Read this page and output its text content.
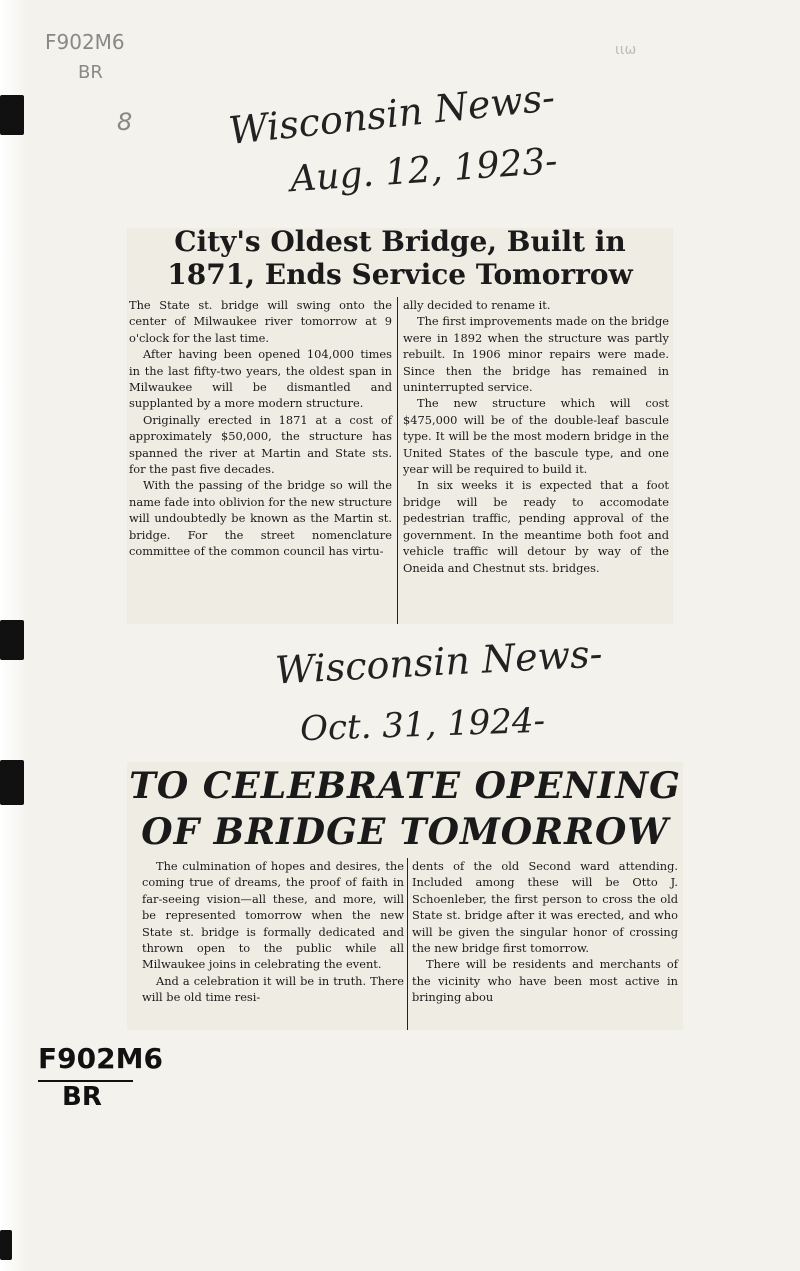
F902M6
BR
8
ιιω
Wisconsin News-
Aug. 12, 1923-
City's Oldest Bridge, Built in
1871, Ends Service Tomorrow

The State st. bridge will swing onto the center of Milwaukee river tomorrow at 9 o'clock for the last time.

After having been opened 104,000 times in the last fifty-two years, the oldest span in Milwaukee will be dismantled and supplanted by a more modern structure.

Originally erected in 1871 at a cost of approximately $50,000, the structure has spanned the river at Martin and State sts. for the past five decades.

With the passing of the bridge so will the name fade into oblivion for the new structure will undoubtedly be known as the Martin st. bridge. For the street nomenclature committee of the common council has virtu-

ally decided to rename it.

The first improvements made on the bridge were in 1892 when the structure was partly rebuilt. In 1906 minor repairs were made. Since then the bridge has remained in uninterrupted service.

The new structure which will cost $475,000 will be of the double-leaf bascule type. It will be the most modern bridge in the United States of the bascule type, and one year will be required to build it.

In six weeks it is expected that a foot bridge will be ready to accomodate pedestrian traffic, pending approval of the government. In the meantime both foot and vehicle traffic will detour by way of the Oneida and Chestnut sts. bridges.

Wisconsin News-
Oct. 31, 1924-
TO CELEBRATE OPENING
OF BRIDGE TOMORROW

The culmination of hopes and desires, the coming true of dreams, the proof of faith in far-seeing vision—all these, and more, will be represented tomorrow when the new State st. bridge is formally dedicated and thrown open to the public while all Milwaukee joins in celebrating the event.

And a celebration it will be in truth. There will be old time resi-

dents of the old Second ward attending. Included among these will be Otto J. Schoenleber, the first person to cross the old State st. bridge after it was erected, and who will be given the singular honor of crossing the new bridge first tomorrow.

There will be residents and merchants of the vicinity who have been most active in bringing abou

F902M6
BR
